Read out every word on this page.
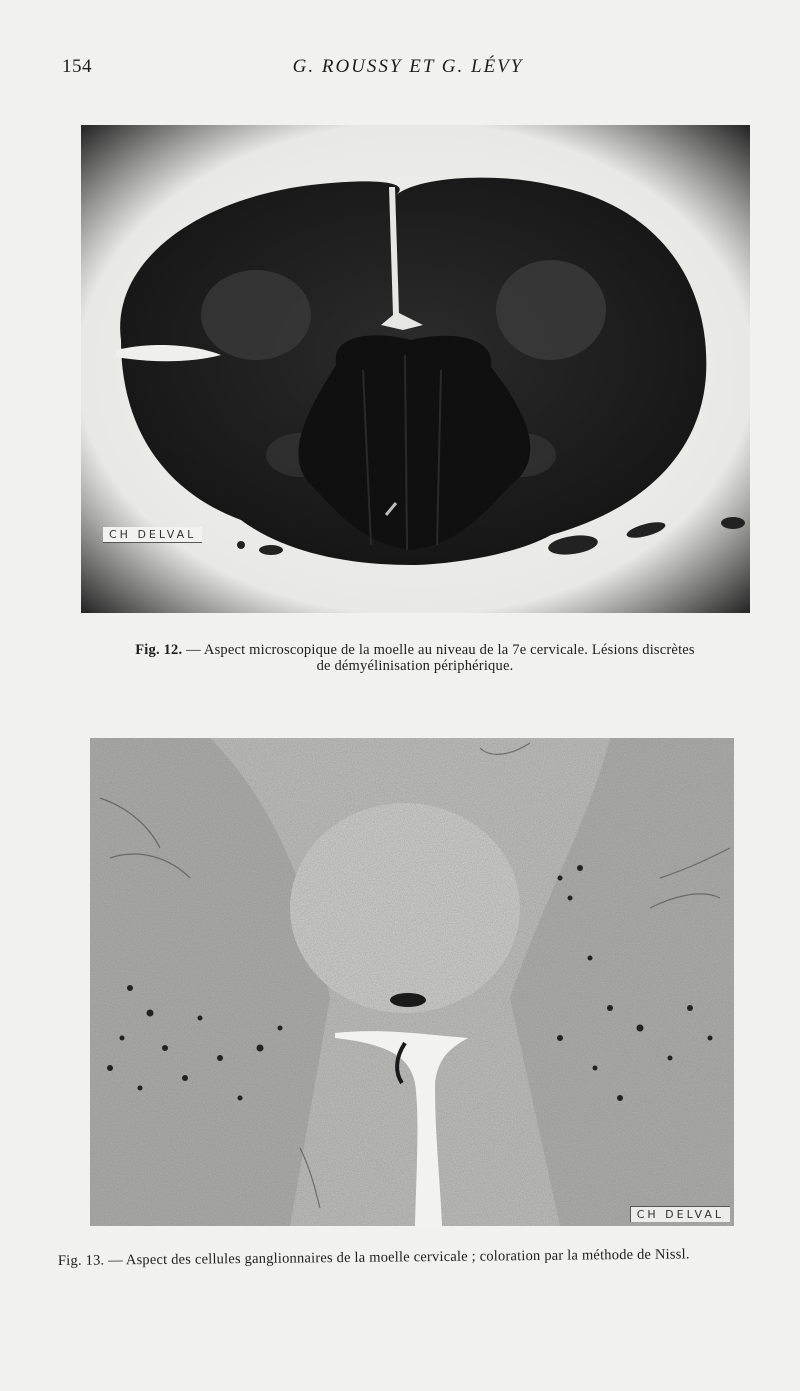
154	G. ROUSSY ET G. LÉVY
CH DELVAL
Fig. 12. — Aspect microscopique de la moelle au niveau de la 7e cervicale. Lésions discrètes
de démyélinisation périphérique.
CH DELVAL
Fig. 13. — Aspect des cellules ganglionnaires de la moelle cervicale ; coloration par la méthode de Nissl.
